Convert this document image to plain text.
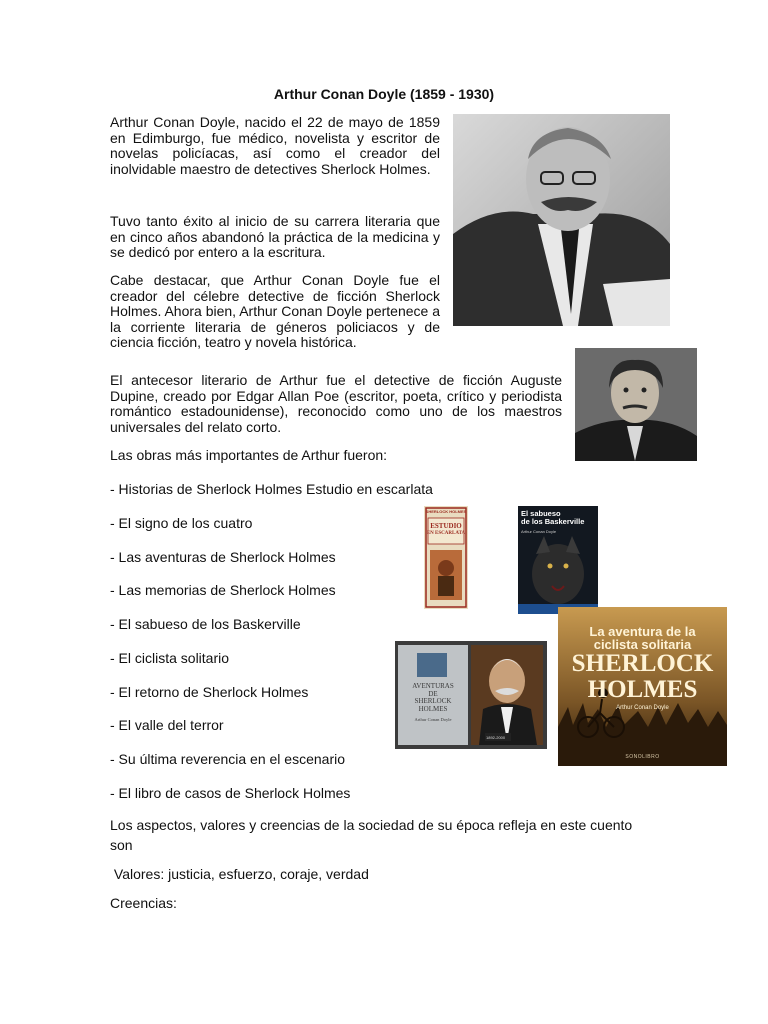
Arthur Conan Doyle (1859 - 1930)

Arthur Conan Doyle, nacido el 22 de mayo de 1859 en Edimburgo, fue médico, novelista y escritor de novelas policíacas, así como el creador del inolvidable maestro de detectives Sherlock Holmes.

Tuvo tanto éxito al inicio de su carrera literaria que en cinco años abandonó la práctica de la medicina y se dedicó por entero a la escritura.

Cabe destacar, que Arthur Conan Doyle fue el creador del célebre detective de ficción Sherlock Holmes. Ahora bien, Arthur Conan Doyle pertenece a la corriente literaria de géneros policiacos y de ciencia ficción, teatro y novela histórica.

El antecesor literario de Arthur fue el detective de ficción Auguste Dupine, creado por Edgar Allan Poe (escritor, poeta, crítico y periodista romántico estadounidense), reconocido como uno de los maestros universales del relato corto.

Las obras más importantes de Arthur fueron:

- Historias de Sherlock Holmes Estudio en escarlata
- El signo de los cuatro
- Las aventuras de Sherlock Holmes
- Las memorias de Sherlock Holmes
- El sabueso de los Baskerville
- El ciclista solitario
- El retorno de Sherlock Holmes
- El valle del terror
- Su última reverencia en el escenario
- El libro de casos de Sherlock Holmes

Los aspectos, valores y creencias de la sociedad de su época refleja en este cuento son

Valores: justicia, esfuerzo, coraje, verdad

Creencias:

SHERLOCK HOLMES
ESTUDIO
EN ESCARLATA
El sabueso
de los Baskerville
Arthur Conan Doyle
AVENTURAS
DE
SHERLOCK
HOLMES
Arthur Conan Doyle
1892-2000
La aventura de la
ciclista solitaria
SHERLOCK
HOLMES
Arthur Conan Doyle
SONOLIBRO
